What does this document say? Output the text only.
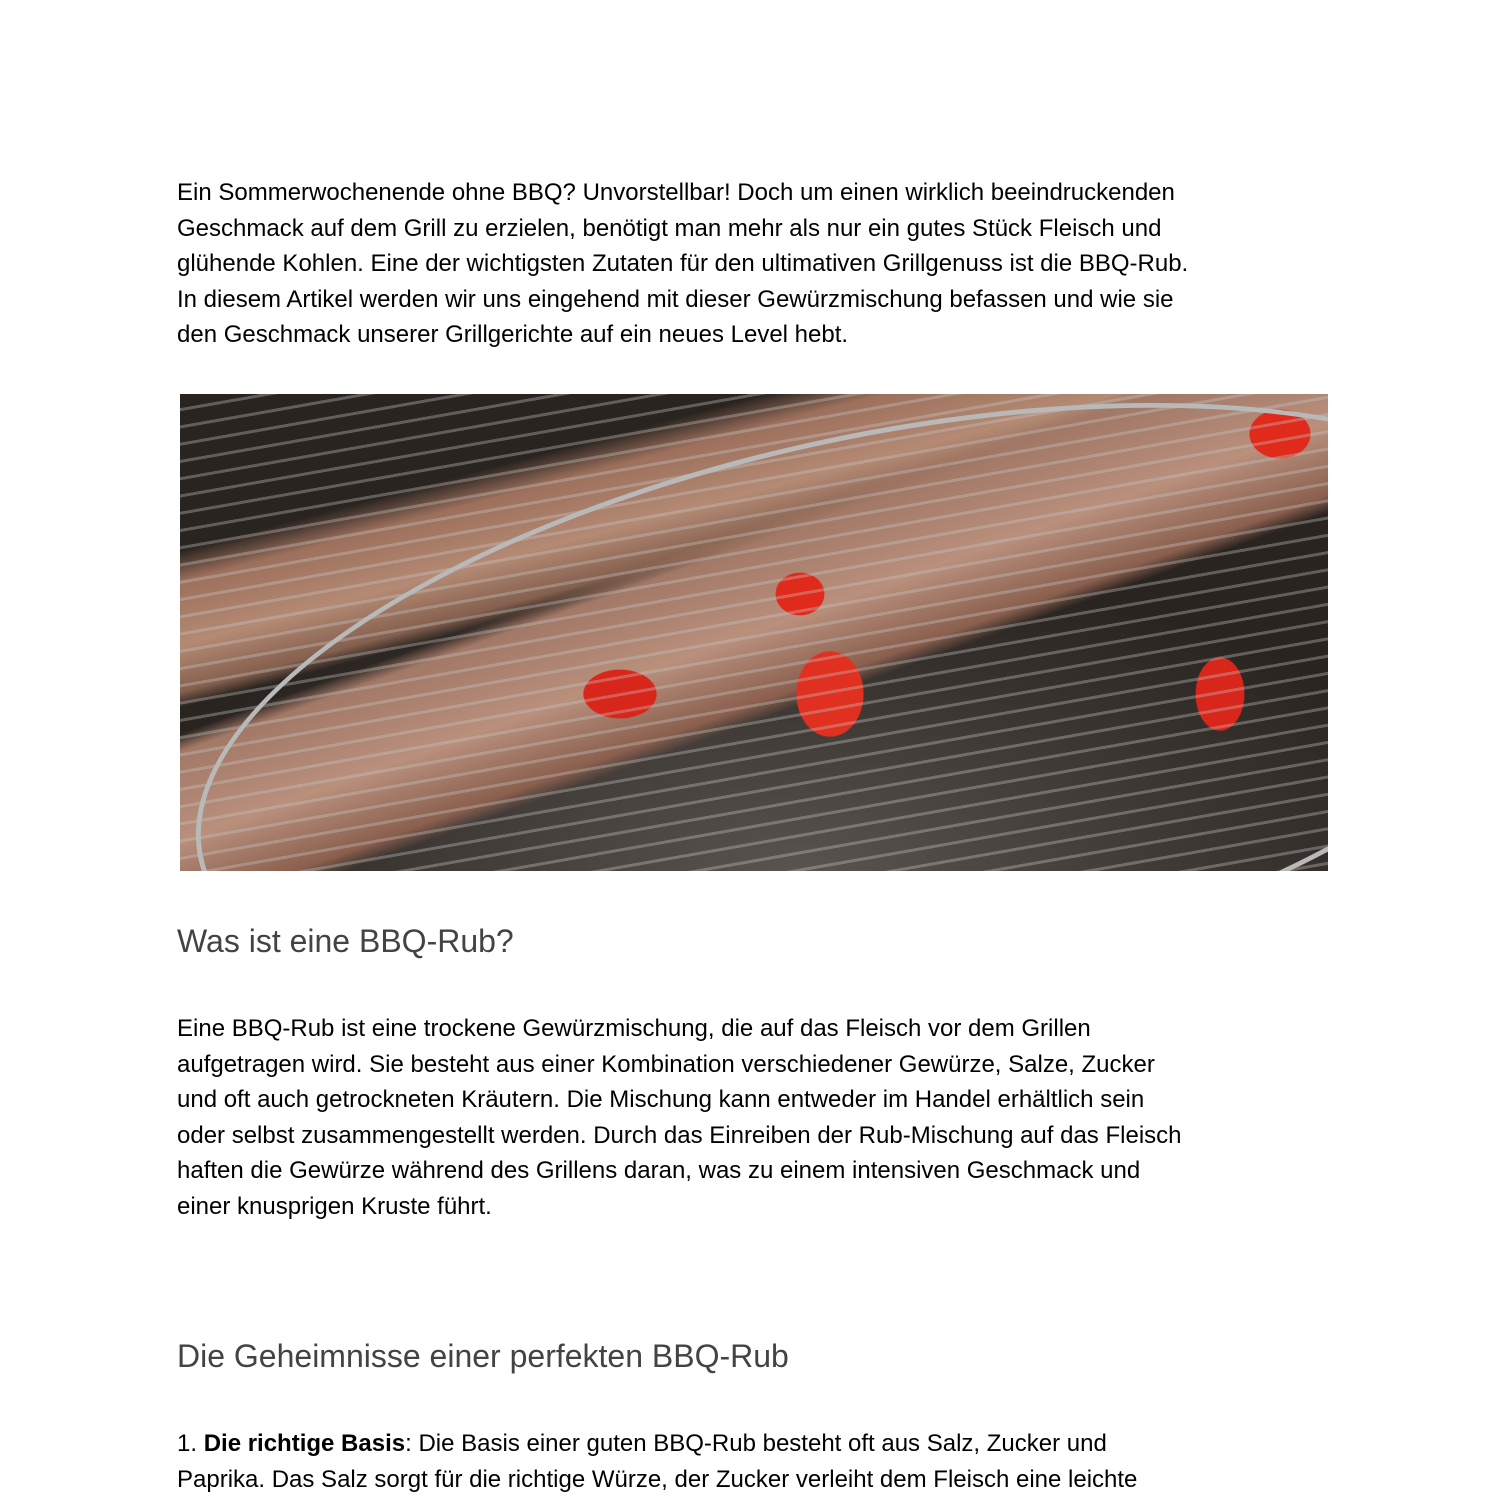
Ein Sommerwochenende ohne BBQ? Unvorstellbar! Doch um einen wirklich beeindruckenden
Geschmack auf dem Grill zu erzielen, benötigt man mehr als nur ein gutes Stück Fleisch und
glühende Kohlen. Eine der wichtigsten Zutaten für den ultimativen Grillgenuss ist die BBQ-Rub.
In diesem Artikel werden wir uns eingehend mit dieser Gewürzmischung befassen und wie sie
den Geschmack unserer Grillgerichte auf ein neues Level hebt.
Was ist eine BBQ-Rub?
Eine BBQ-Rub ist eine trockene Gewürzmischung, die auf das Fleisch vor dem Grillen
aufgetragen wird. Sie besteht aus einer Kombination verschiedener Gewürze, Salze, Zucker
und oft auch getrockneten Kräutern. Die Mischung kann entweder im Handel erhältlich sein
oder selbst zusammengestellt werden. Durch das Einreiben der Rub-Mischung auf das Fleisch
haften die Gewürze während des Grillens daran, was zu einem intensiven Geschmack und
einer knusprigen Kruste führt.
Die Geheimnisse einer perfekten BBQ-Rub
1. Die richtige Basis: Die Basis einer guten BBQ-Rub besteht oft aus Salz, Zucker und
Paprika. Das Salz sorgt für die richtige Würze, der Zucker verleiht dem Fleisch eine leichte
